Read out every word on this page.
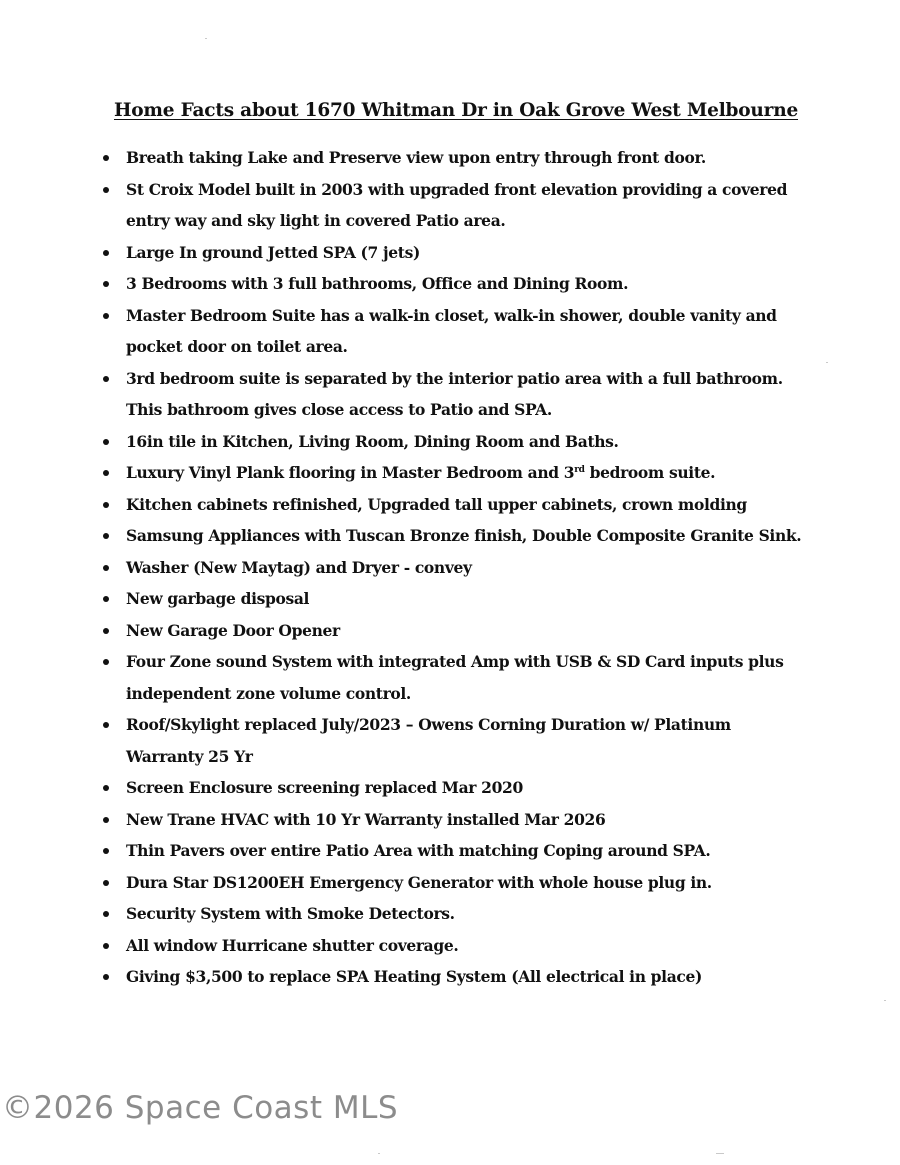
Home Facts about 1670 Whitman Dr in Oak Grove West Melbourne
Breath taking Lake and Preserve view upon entry through front door.
St Croix Model built in 2003 with upgraded front elevation providing a covered
entry way and sky light in covered Patio area.
Large In ground Jetted SPA (7 jets)
3 Bedrooms with 3 full bathrooms, Office and Dining Room.
Master Bedroom Suite has a walk-in closet, walk-in shower, double vanity and
pocket door on toilet area.
3rd bedroom suite is separated by the interior patio area with a full bathroom.
This bathroom gives close access to Patio and SPA.
16in tile in Kitchen, Living Room, Dining Room and Baths.
Luxury Vinyl Plank flooring in Master Bedroom and 3rd bedroom suite.
Kitchen cabinets refinished, Upgraded tall upper cabinets, crown molding
Samsung Appliances with Tuscan Bronze finish, Double Composite Granite Sink.
Washer (New Maytag) and Dryer - convey
New garbage disposal
New Garage Door Opener
Four Zone sound System with integrated Amp with USB & SD Card inputs plus
independent zone volume control.
Roof/Skylight replaced July/2023 – Owens Corning Duration w/ Platinum
Warranty 25 Yr
Screen Enclosure screening replaced Mar 2020
New Trane HVAC with 10 Yr Warranty installed Mar 2026
Thin Pavers over entire Patio Area with matching Coping around SPA.
Dura Star DS1200EH Emergency Generator with whole house plug in.
Security System with Smoke Detectors.
All window Hurricane shutter coverage.
Giving $3,500 to replace SPA Heating System (All electrical in place)
©2026 Space Coast MLS
